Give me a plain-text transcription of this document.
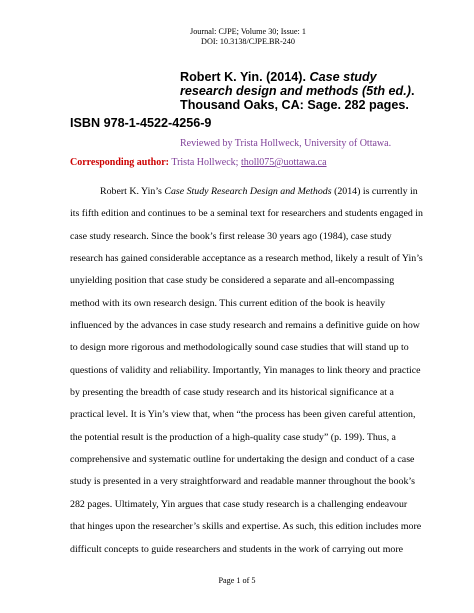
Journal: CJPE; Volume 30; Issue: 1
DOI: 10.3138/CJPE.BR-240
Robert K. Yin. (2014). Case study research design and methods (5th ed.). Thousand Oaks, CA: Sage. 282 pages.
ISBN 978-1-4522-4256-9
Reviewed by Trista Hollweck, University of Ottawa.
Corresponding author: Trista Hollweck; tholl075@uottawa.ca
Robert K. Yin’s Case Study Research Design and Methods (2014) is currently in
its fifth edition and continues to be a seminal text for researchers and students engaged in
case study research. Since the book’s first release 30 years ago (1984), case study
research has gained considerable acceptance as a research method, likely a result of Yin’s
unyielding position that case study be considered a separate and all-encompassing
method with its own research design. This current edition of the book is heavily
influenced by the advances in case study research and remains a definitive guide on how
to design more rigorous and methodologically sound case studies that will stand up to
questions of validity and reliability. Importantly, Yin manages to link theory and practice
by presenting the breadth of case study research and its historical significance at a
practical level. It is Yin’s view that, when “the process has been given careful attention,
the potential result is the production of a high-quality case study” (p. 199). Thus, a
comprehensive and systematic outline for undertaking the design and conduct of a case
study is presented in a very straightforward and readable manner throughout the book’s
282 pages. Ultimately, Yin argues that case study research is a challenging endeavour
that hinges upon the researcher’s skills and expertise. As such, this edition includes more
difficult concepts to guide researchers and students in the work of carrying out more
Page 1 of 5
